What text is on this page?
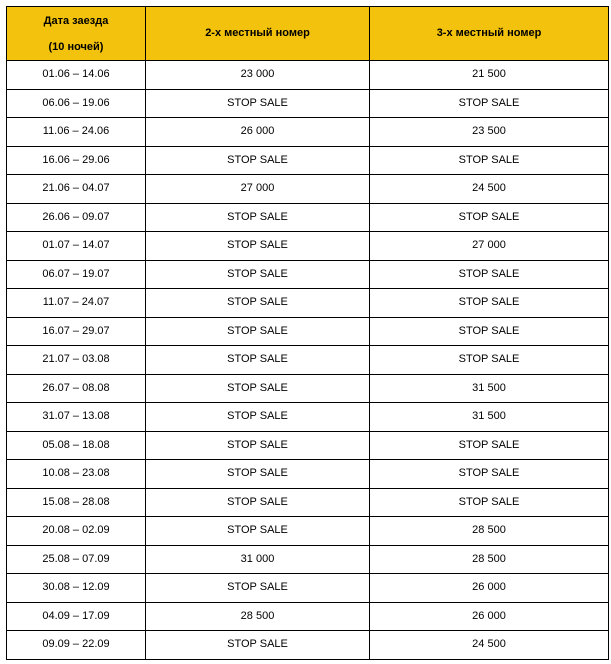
Дата заезда
(10 ночей)	2-х местный номер	3-х местный номер
01.06 – 14.06	23 000	21 500
06.06 – 19.06	STOP SALE	STOP SALE
11.06 – 24.06	26 000	23 500
16.06 – 29.06	STOP SALE	STOP SALE
21.06 – 04.07	27 000	24 500
26.06 – 09.07	STOP SALE	STOP SALE
01.07 – 14.07	STOP SALE	27 000
06.07 – 19.07	STOP SALE	STOP SALE
11.07 – 24.07	STOP SALE	STOP SALE
16.07 – 29.07	STOP SALE	STOP SALE
21.07 – 03.08	STOP SALE	STOP SALE
26.07 – 08.08	STOP SALE	31 500
31.07 – 13.08	STOP SALE	31 500
05.08 – 18.08	STOP SALE	STOP SALE
10.08 – 23.08	STOP SALE	STOP SALE
15.08 – 28.08	STOP SALE	STOP SALE
20.08 – 02.09	STOP SALE	28 500
25.08 – 07.09	31 000	28 500
30.08 – 12.09	STOP SALE	26 000
04.09 – 17.09	28 500	26 000
09.09 – 22.09	STOP SALE	24 500
